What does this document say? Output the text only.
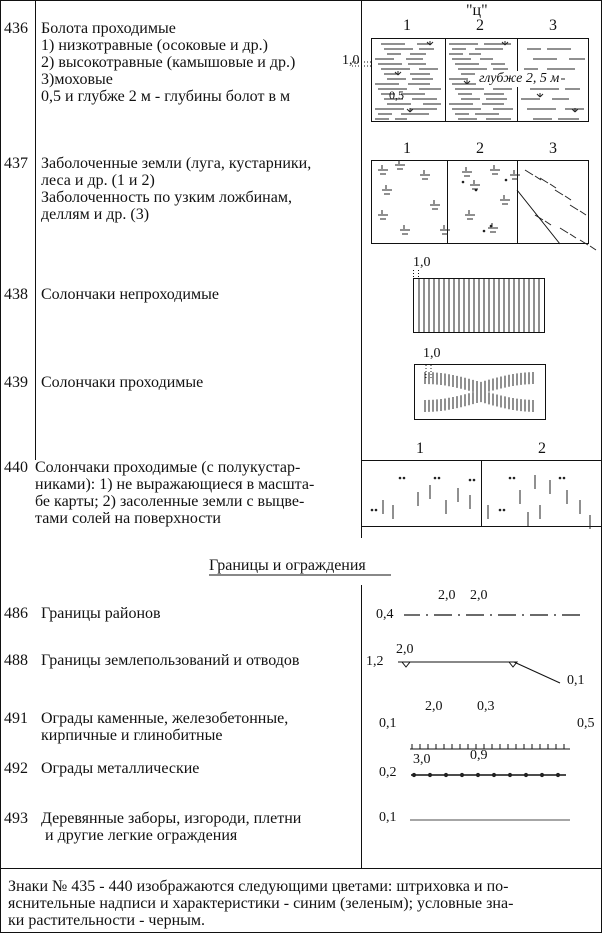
436 Болота проходимые
1) низкотравные (осоковые и др.)
2) высокотравные (камышовые и др.)
3)моховые
0,5 и глубже 2 м - глубины болот в м
"ц"
1	2	3
1,0
0,5
глубже 2, 5 м
437 Заболоченные земли (луга, кустарники,
леса и др. (1 и 2)
Заболоченность по узким ложбинам,
деллям и др. (3)
1	2	3
438 Солончаки непроходимые
1,0
439 Солончаки проходимые
1,0
440 Солончаки проходимые (с полукустар-
никами): 1) не выражающиеся в масшта-
бе карты; 2) засоленные земли с выцве-
тами солей на поверхности
1	2
Границы и ограждения
486 Границы районов
2,0 2,0
0,4
488 Границы землепользований и отводов
2,0
1,2
0,1
491 Ограды каменные, железобетонные,
кирпичные и глинобитные
2,0 0,3
0,1	0,5
492 Ограды металлические
3,0	0,9
0,2
493 Деревянные заборы, изгороди, плетни
и другие легкие ограждения
0,1
Знаки № 435 - 440 изображаются следующими цветами: штриховка и по-
яснительные надписи и характеристики - синим (зеленым); условные зна-
ки растительности - черным.
